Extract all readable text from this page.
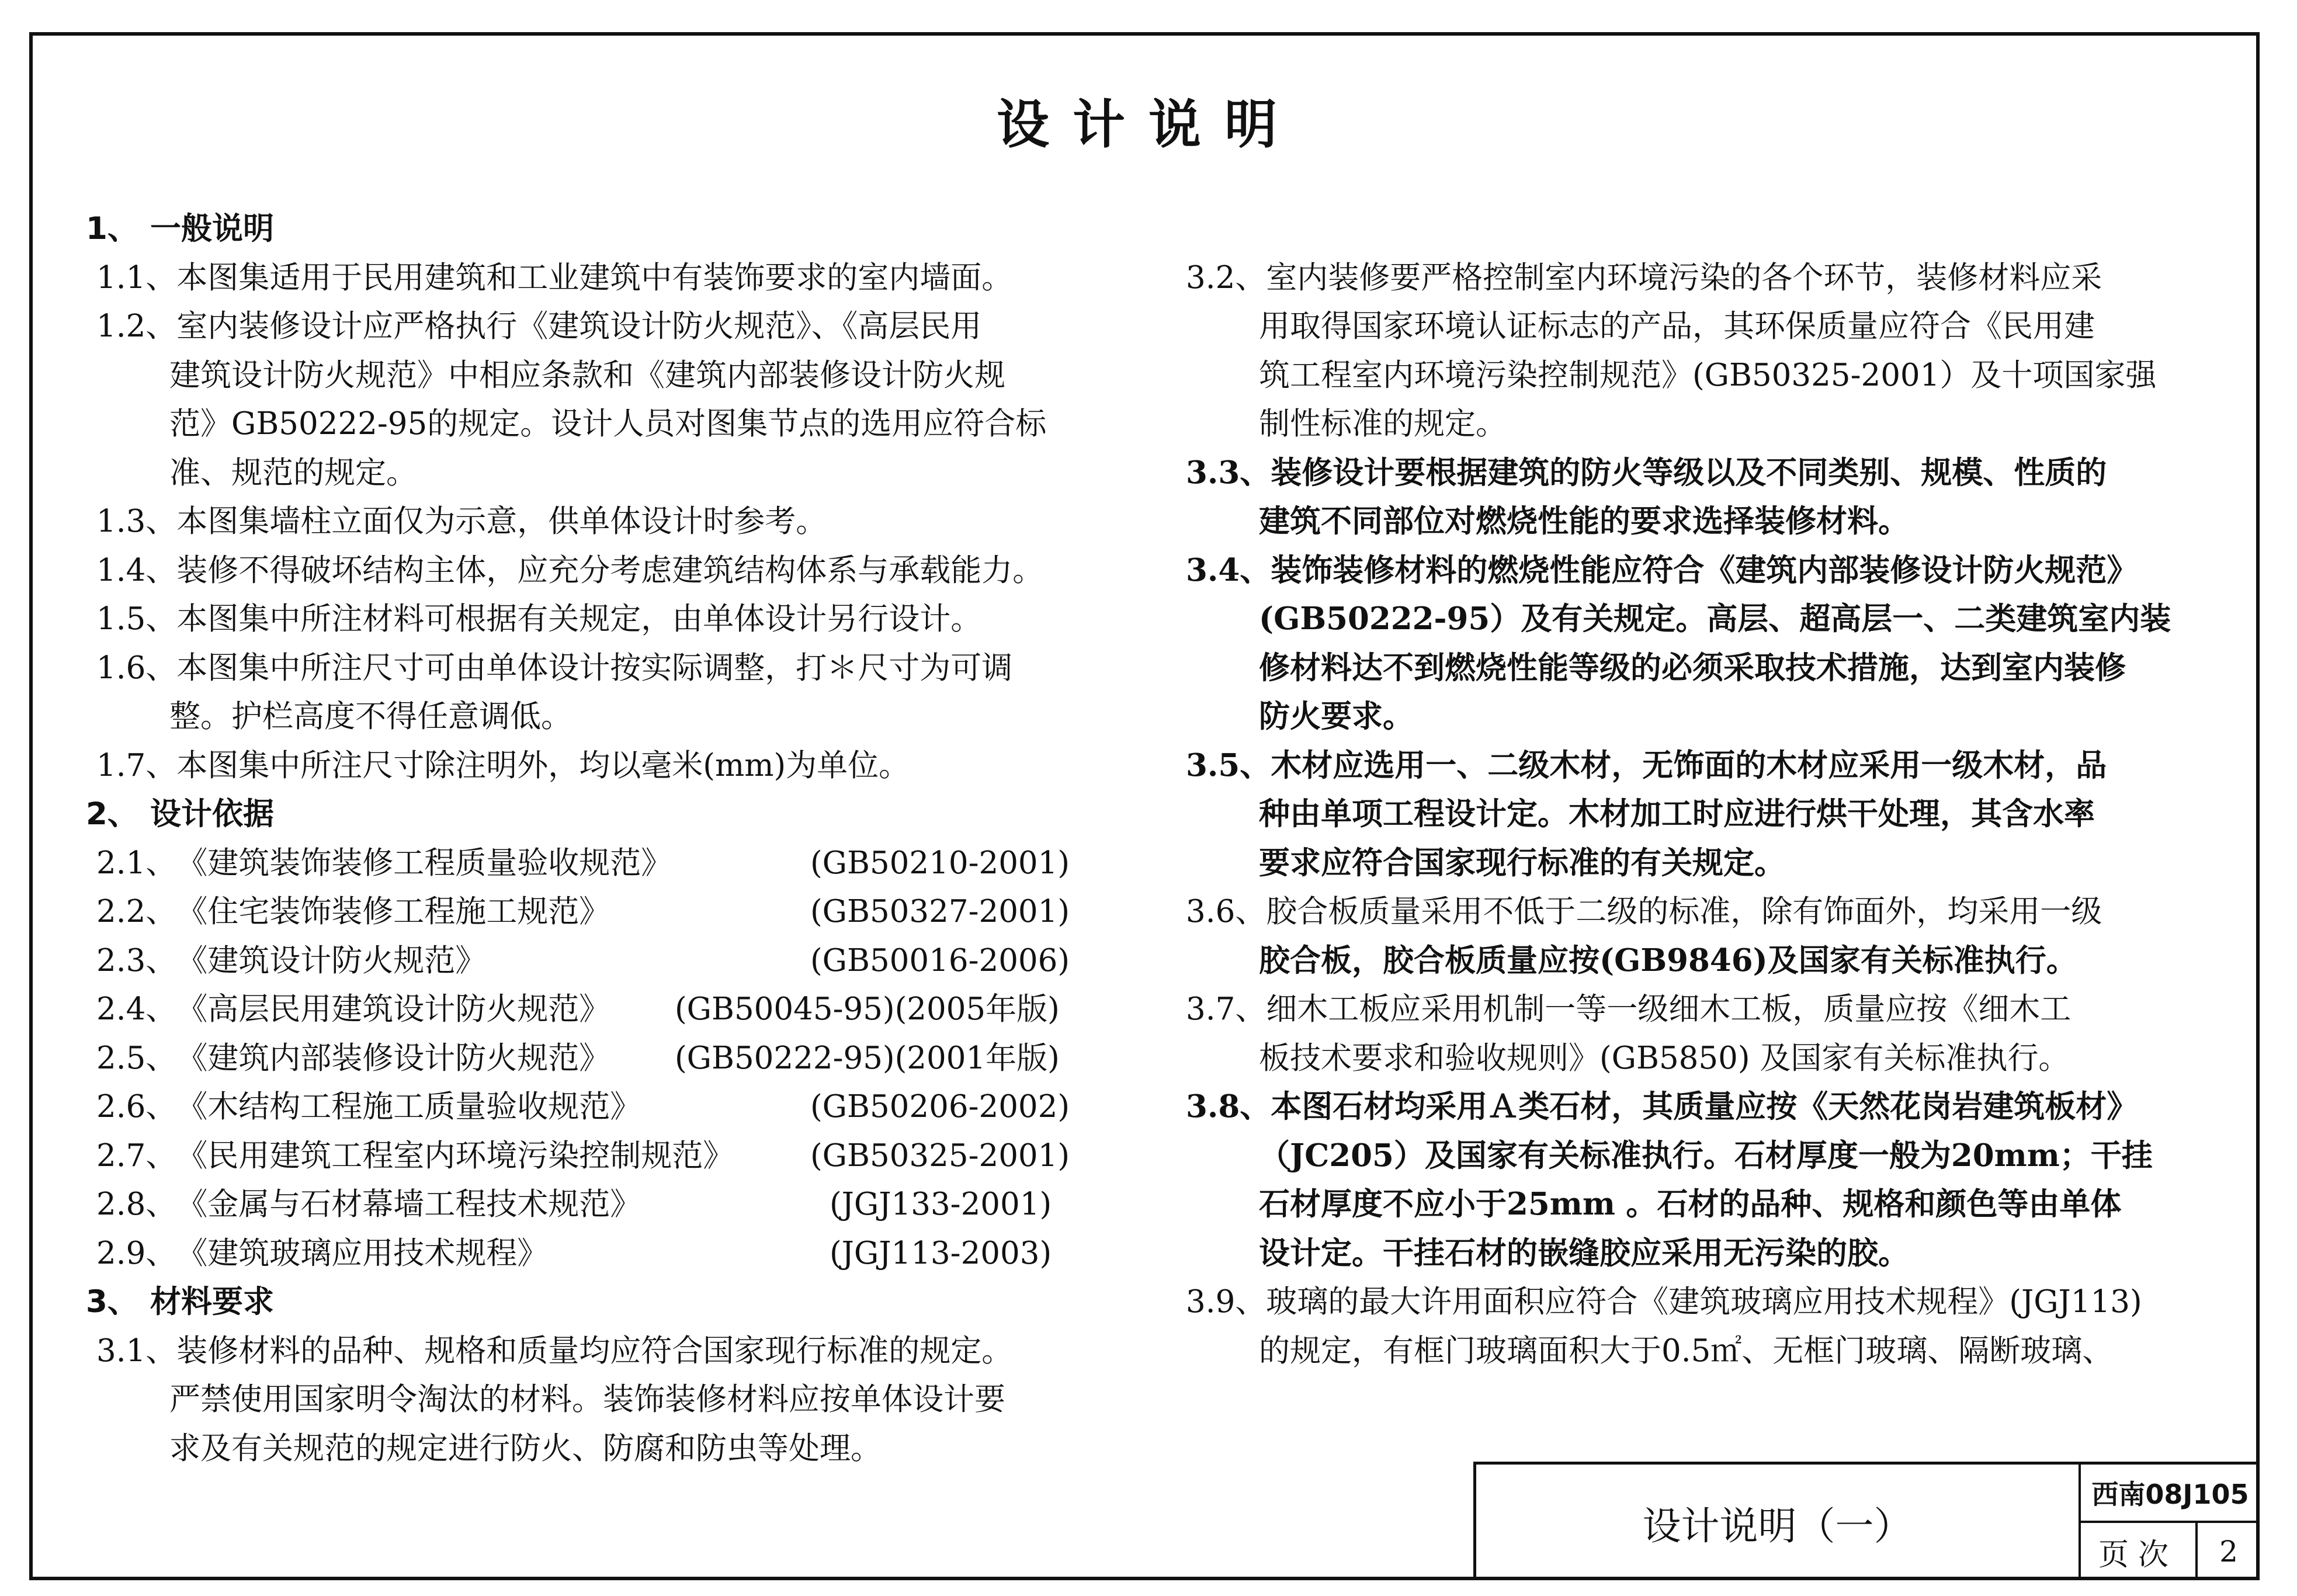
设计说明
1、 一般说明
1.1、本图集适用于民用建筑和工业建筑中有装饰要求的室内墙面。
1.2、室内装修设计应严格执行《建筑设计防火规范》、《高层民用
建筑设计防火规范》中相应条款和《建筑内部装修设计防火规
范》GB50222-95的规定。设计人员对图集节点的选用应符合标
准、规范的规定。
1.3、本图集墙柱立面仅为示意，供单体设计时参考。
1.4、装修不得破坏结构主体，应充分考虑建筑结构体系与承载能力。
1.5、本图集中所注材料可根据有关规定，由单体设计另行设计。
1.6、本图集中所注尺寸可由单体设计按实际调整，打＊尺寸为可调
整。护栏高度不得任意调低。
1.7、本图集中所注尺寸除注明外，均以毫米(mm)为单位。
2、 设计依据
2.1、《建筑装饰装修工程质量验收规范》	(GB50210-2001)
2.2、《住宅装饰装修工程施工规范》	(GB50327-2001)
2.3、《建筑设计防火规范》	(GB50016-2006)
2.4、《高层民用建筑设计防火规范》 (GB50045-95)(2005年版)
2.5、《建筑内部装修设计防火规范》 (GB50222-95)(2001年版)
2.6、《木结构工程施工质量验收规范》	(GB50206-2002)
2.7、《民用建筑工程室内环境污染控制规范》 (GB50325-2001)
2.8、《金属与石材幕墙工程技术规范》	(JGJ133-2001)
2.9、《建筑玻璃应用技术规程》	(JGJ113-2003)
3、 材料要求
3.1、装修材料的品种、规格和质量均应符合国家现行标准的规定。
严禁使用国家明令淘汰的材料。装饰装修材料应按单体设计要
求及有关规范的规定进行防火、防腐和防虫等处理。
3.2、室内装修要严格控制室内环境污染的各个环节，装修材料应采
用取得国家环境认证标志的产品，其环保质量应符合《民用建
筑工程室内环境污染控制规范》(GB50325-2001）及十项国家强
制性标准的规定。
3.3、装修设计要根据建筑的防火等级以及不同类别、规模、性质的
建筑不同部位对燃烧性能的要求选择装修材料。
3.4、装饰装修材料的燃烧性能应符合《建筑内部装修设计防火规范》
(GB50222-95）及有关规定。高层、超高层一、二类建筑室内装
修材料达不到燃烧性能等级的必须采取技术措施，达到室内装修
防火要求。
3.5、木材应选用一、二级木材，无饰面的木材应采用一级木材，品
种由单项工程设计定。木材加工时应进行烘干处理，其含水率
要求应符合国家现行标准的有关规定。
3.6、胶合板质量采用不低于二级的标准，除有饰面外，均采用一级
胶合板，胶合板质量应按(GB9846)及国家有关标准执行。
3.7、细木工板应采用机制一等一级细木工板，质量应按《细木工
板技术要求和验收规则》(GB5850) 及国家有关标准执行。
3.8、本图石材均采用Ａ类石材，其质量应按《天然花岗岩建筑板材》
（JC205）及国家有关标准执行。石材厚度一般为20mm；干挂
石材厚度不应小于25mm 。石材的品种、规格和颜色等由单体
设计定。干挂石材的嵌缝胶应采用无污染的胶。
3.9、玻璃的最大许用面积应符合《建筑玻璃应用技术规程》(JGJ113)
的规定，有框门玻璃面积大于0.5㎡、无框门玻璃、隔断玻璃、
设计说明（一）
西南08J105
页次	2
